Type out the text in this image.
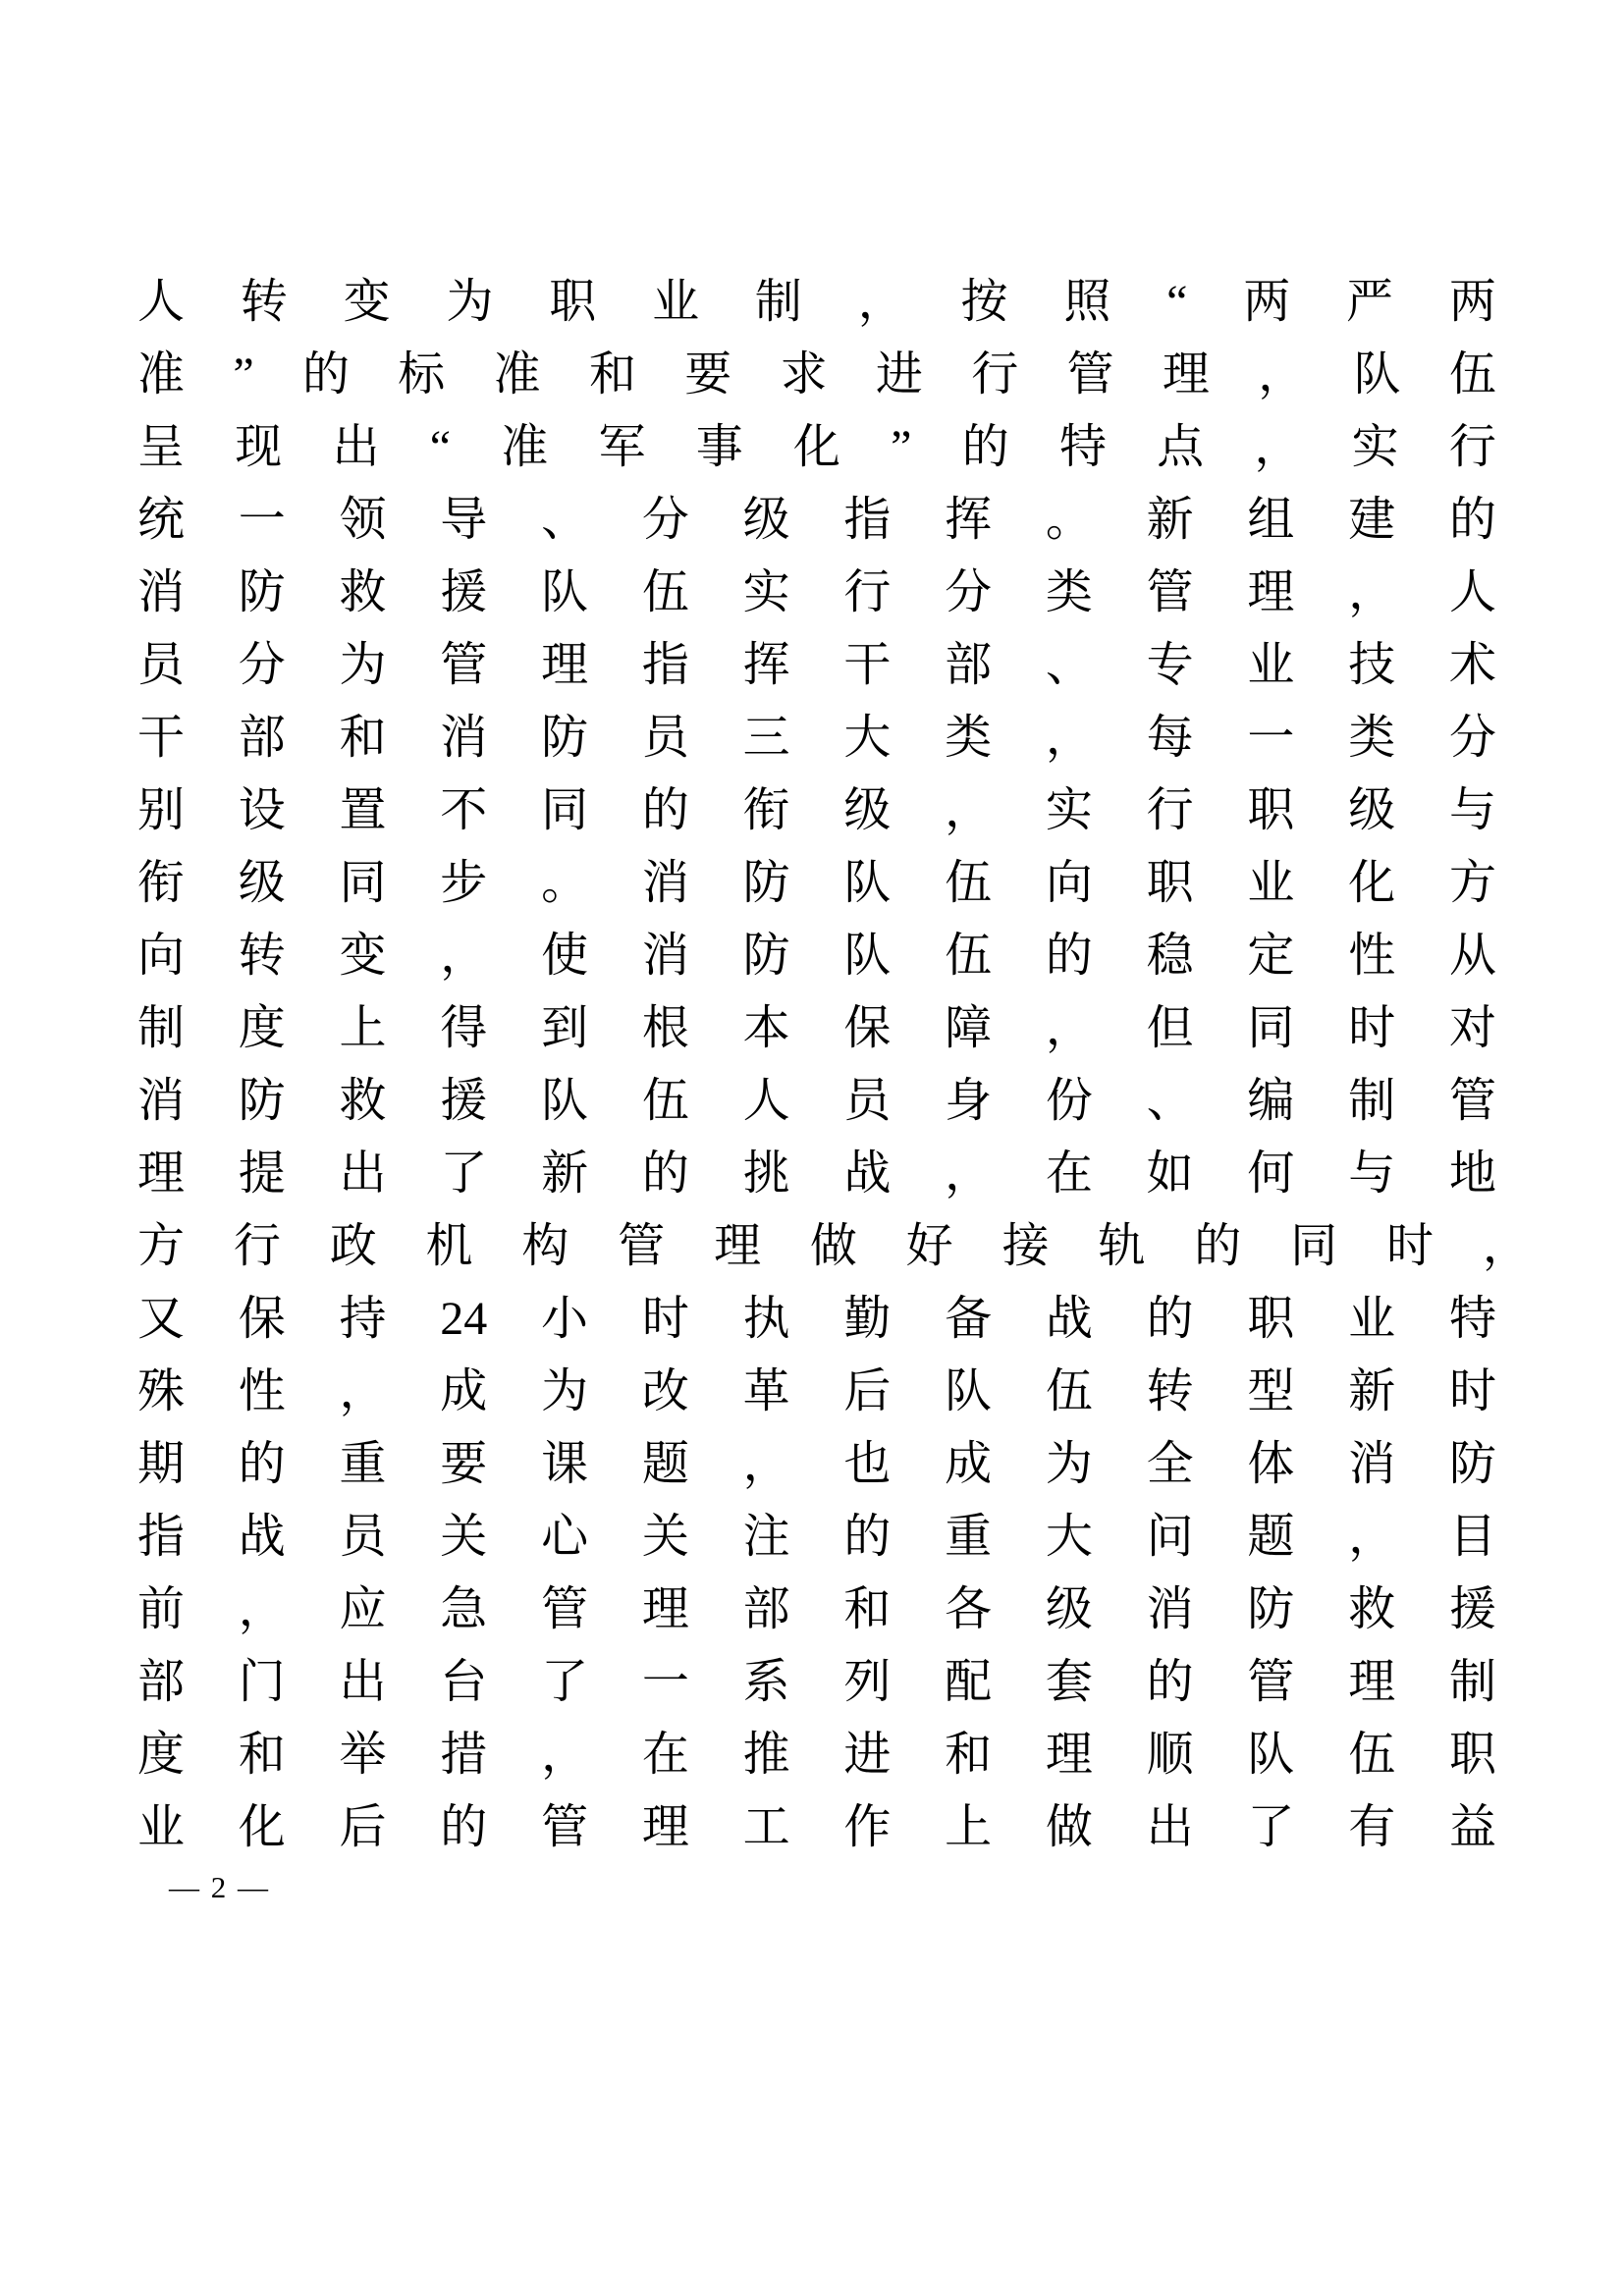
人 转 变 为 职 业 制 ， 按 照 “ 两 严 两
准 ” 的 标 准 和 要 求 进 行 管 理 ， 队 伍
呈 现 出 “ 准 军 事 化 ” 的 特 点 ， 实 行
统 一 领 导 、 分 级 指 挥 。 新 组 建 的
消 防 救 援 队 伍 实 行 分 类 管 理 ， 人
员 分 为 管 理 指 挥 干 部 、 专 业 技 术
干 部 和 消 防 员 三 大 类 ， 每 一 类 分
别 设 置 不 同 的 衔 级 ， 实 行 职 级 与
衔 级 同 步 。 消 防 队 伍 向 职 业 化 方
向 转 变 ， 使 消 防 队 伍 的 稳 定 性 从
制 度 上 得 到 根 本 保 障 ， 但 同 时 对
消 防 救 援 队 伍 人 员 身 份 、 编 制 管
理 提 出 了 新 的 挑 战 ， 在 如 何 与 地
方 行 政 机 构 管 理 做 好 接 轨 的 同 时 ，
又 保 持 24 小 时 执 勤 备 战 的 职 业 特
殊 性 ， 成 为 改 革 后 队 伍 转 型 新 时
期 的 重 要 课 题 ， 也 成 为 全 体 消 防
指 战 员 关 心 关 注 的 重 大 问 题 ， 目
前 ， 应 急 管 理 部 和 各 级 消 防 救 援
部 门 出 台 了 一 系 列 配 套 的 管 理 制
度 和 举 措 ， 在 推 进 和 理 顺 队 伍 职
业 化 后 的 管 理 工 作 上 做 出 了 有 益
— 2 —
